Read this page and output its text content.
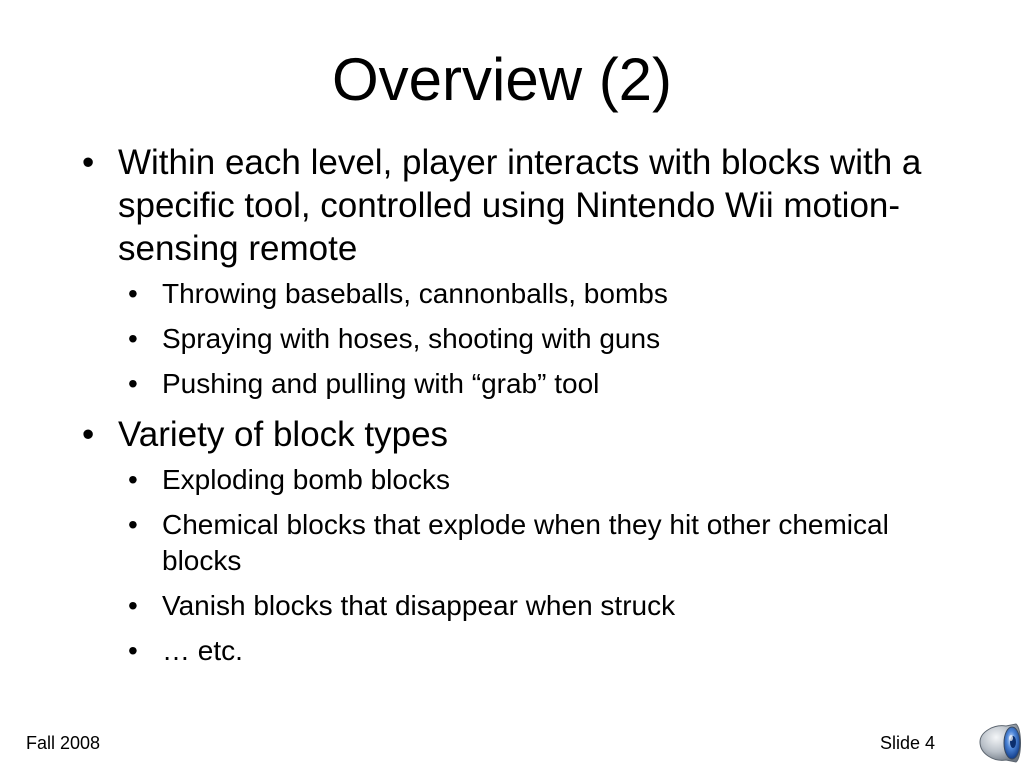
Overview (2)
• Within each level, player interacts with blocks with a specific tool, controlled using Nintendo Wii motion-sensing remote
• Throwing baseballs, cannonballs, bombs
• Spraying with hoses, shooting with guns
• Pushing and pulling with “grab” tool
• Variety of block types
• Exploding bomb blocks
• Chemical blocks that explode when they hit other chemical blocks
• Vanish blocks that disappear when struck
• … etc.
Fall 2008	Slide 4
